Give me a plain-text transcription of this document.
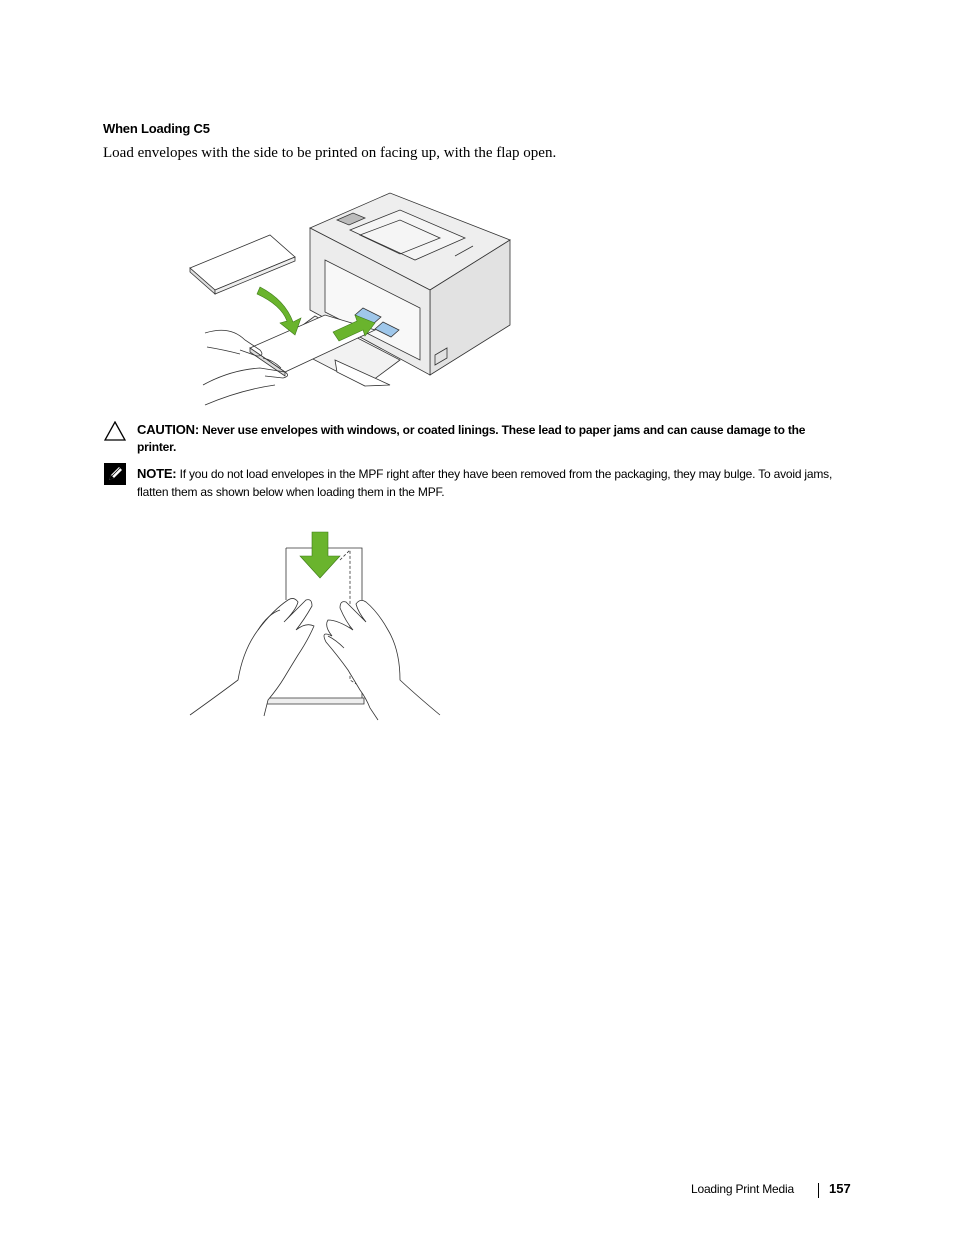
When Loading C5
Load envelopes with the side to be printed on facing up, with the flap open.
CAUTION: Never use envelopes with windows, or coated linings. These lead to paper jams and can cause damage to the printer.
NOTE: If you do not load envelopes in the MPF right after they have been removed from the packaging, they may bulge. To avoid jams, flatten them as shown below when loading them in the MPF.
Loading Print Media	157
